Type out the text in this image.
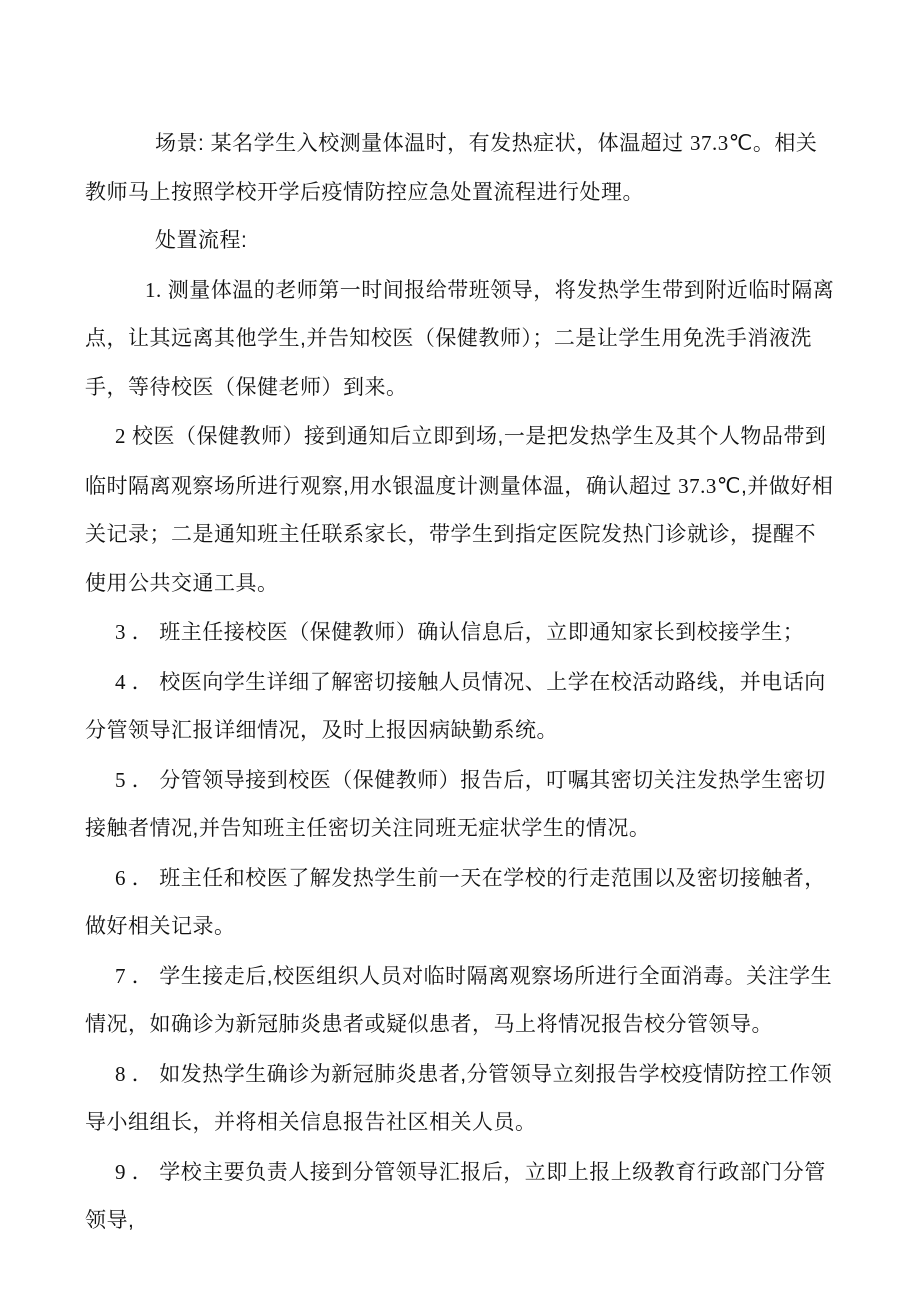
场景: 某名学生入校测量体温时，有发热症状，体温超过 37.3℃。相关教师马上按照学校开学后疫情防控应急处置流程进行处理。

处置流程:

1. 测量体温的老师第一时间报给带班领导，将发热学生带到附近临时隔离点，让其远离其他学生,并告知校医（保健教师）；二是让学生用免洗手消液洗手，等待校医（保健老师）到来。

2 校医（保健教师）接到通知后立即到场,一是把发热学生及其个人物品带到临时隔离观察场所进行观察,用水银温度计测量体温，确认超过 37.3℃,并做好相关记录；二是通知班主任联系家长，带学生到指定医院发热门诊就诊，提醒不使用公共交通工具。

3 ． 班主任接校医（保健教师）确认信息后，立即通知家长到校接学生；

4 ． 校医向学生详细了解密切接触人员情况、上学在校活动路线，并电话向分管领导汇报详细情况，及时上报因病缺勤系统。

5 ． 分管领导接到校医（保健教师）报告后，叮嘱其密切关注发热学生密切接触者情况,并告知班主任密切关注同班无症状学生的情况。

6 ． 班主任和校医了解发热学生前一天在学校的行走范围以及密切接触者，做好相关记录。

7 ． 学生接走后,校医组织人员对临时隔离观察场所进行全面消毒。关注学生情况，如确诊为新冠肺炎患者或疑似患者，马上将情况报告校分管领导。

8 ． 如发热学生确诊为新冠肺炎患者,分管领导立刻报告学校疫情防控工作领导小组组长，并将相关信息报告社区相关人员。

9 ． 学校主要负责人接到分管领导汇报后，立即上报上级教育行政部门分管领导,
